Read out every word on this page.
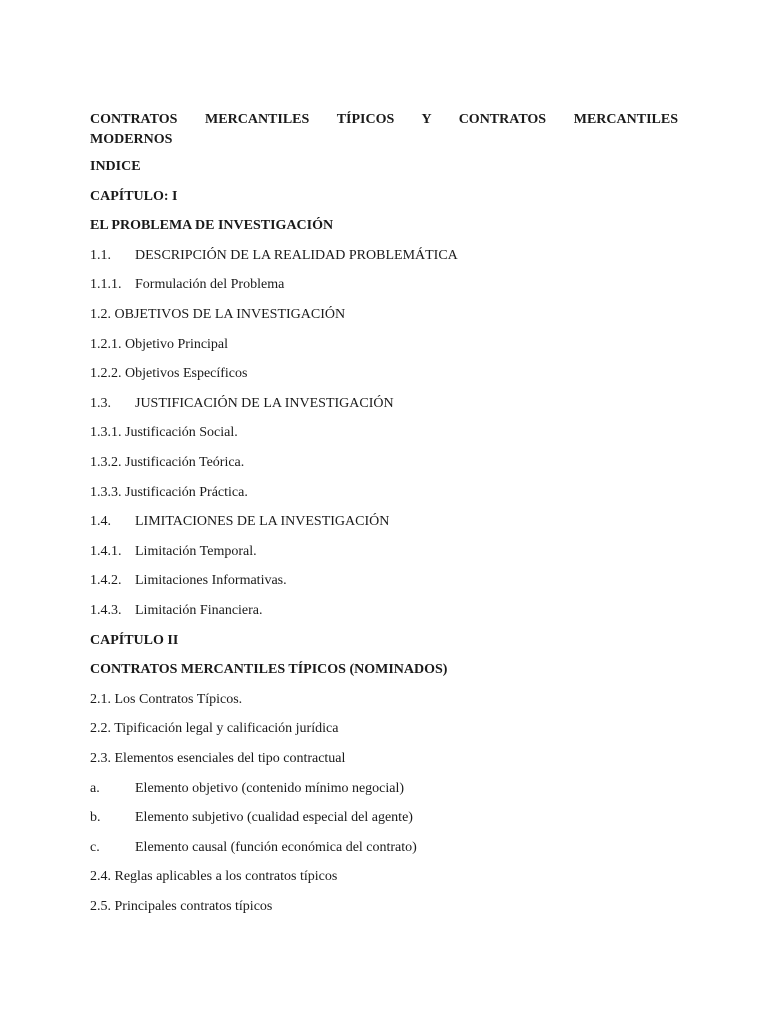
CONTRATOS MERCANTILES TÍPICOS Y CONTRATOS MERCANTILES
MODERNOS

INDICE

CAPÍTULO: I

EL PROBLEMA DE INVESTIGACIÓN

1.1. DESCRIPCIÓN DE LA REALIDAD PROBLEMÁTICA

1.1.1. Formulación del Problema

1.2. OBJETIVOS DE LA INVESTIGACIÓN

1.2.1. Objetivo Principal

1.2.2. Objetivos Específicos

1.3. JUSTIFICACIÓN DE LA INVESTIGACIÓN

1.3.1. Justificación Social.

1.3.2. Justificación Teórica.

1.3.3. Justificación Práctica.

1.4. LIMITACIONES DE LA INVESTIGACIÓN

1.4.1. Limitación Temporal.

1.4.2. Limitaciones Informativas.

1.4.3. Limitación Financiera.

CAPÍTULO II

CONTRATOS MERCANTILES TÍPICOS (NOMINADOS)

2.1. Los Contratos Típicos.

2.2. Tipificación legal y calificación jurídica

2.3. Elementos esenciales del tipo contractual

a.	Elemento objetivo (contenido mínimo negocial)

b. Elemento subjetivo (cualidad especial del agente)

c.	Elemento causal (función económica del contrato)

2.4. Reglas aplicables a los contratos típicos

2.5. Principales contratos típicos
